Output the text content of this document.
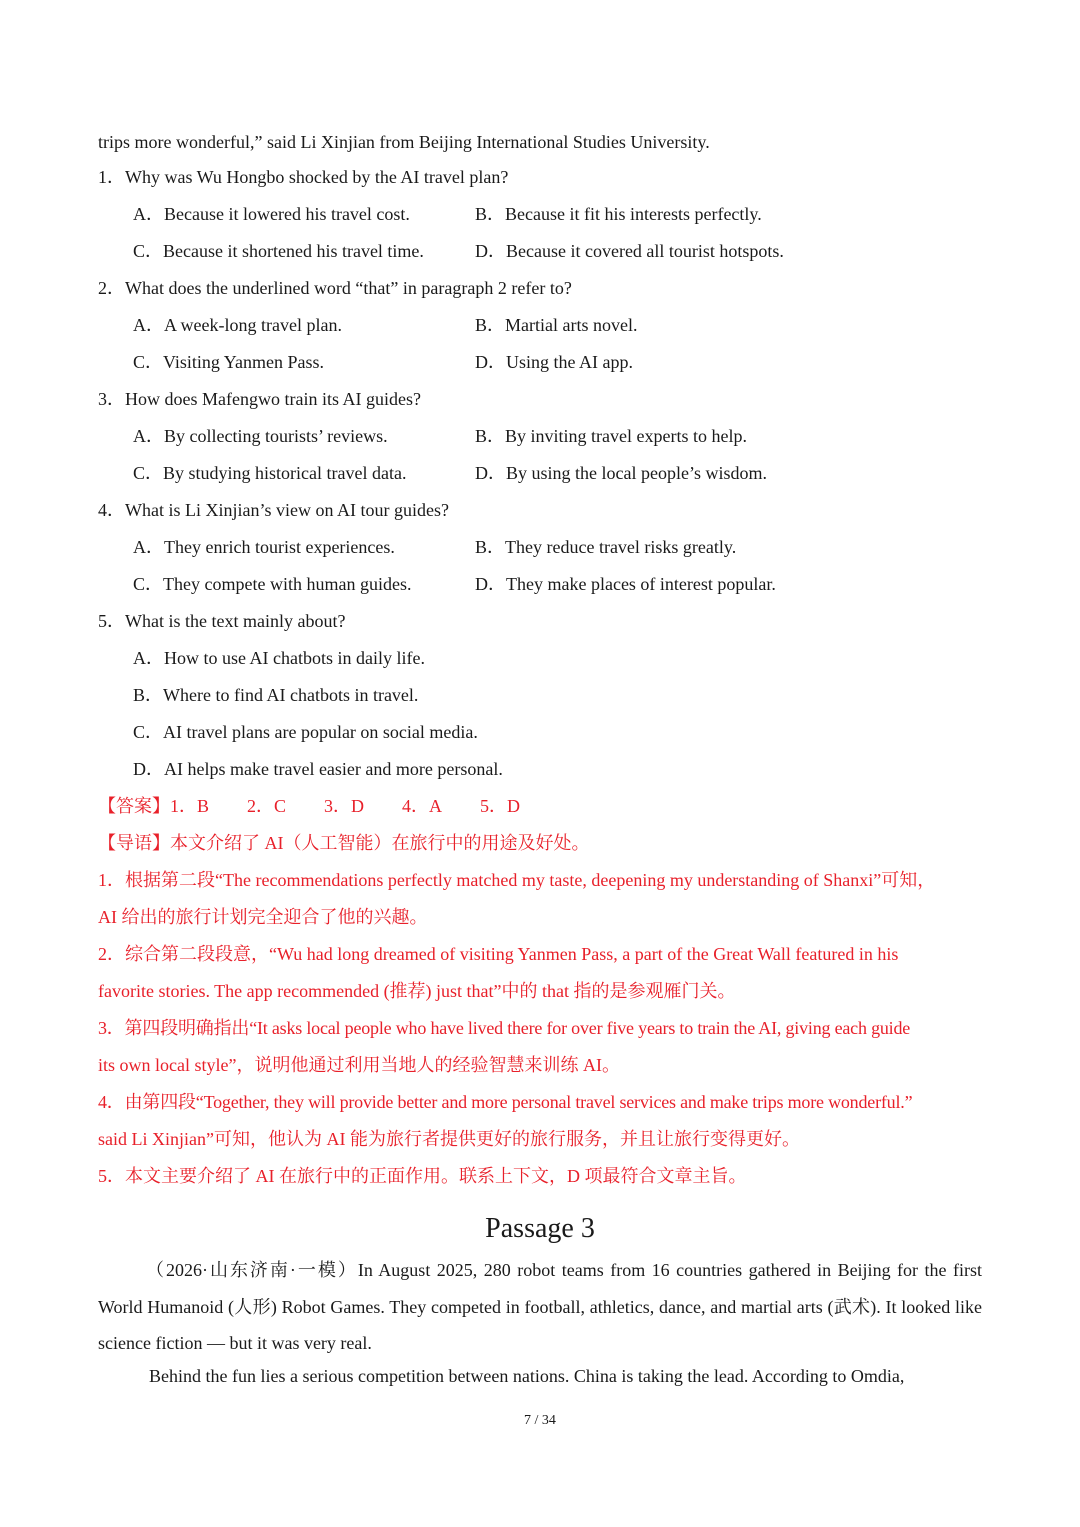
trips more wonderful,” said Li Xinjian from Beijing International Studies University.
1．Why was Wu Hongbo shocked by the AI travel plan?
A．Because it lowered his travel cost.	B．Because it fit his interests perfectly.
C．Because it shortened his travel time.	D．Because it covered all tourist hotspots.
2．What does the underlined word “that” in paragraph 2 refer to?
A．A week-long travel plan.	B．Martial arts novel.
C．Visiting Yanmen Pass.	D．Using the AI app.
3．How does Mafengwo train its AI guides?
A．By collecting tourists’ reviews.	B．By inviting travel experts to help.
C．By studying historical travel data.	D．By using the local people’s wisdom.
4．What is Li Xinjian’s view on AI tour guides?
A．They enrich tourist experiences.	B．They reduce travel risks greatly.
C．They compete with human guides.	D．They make places of interest popular.
5．What is the text mainly about?
A．How to use AI chatbots in daily life.
B．Where to find AI chatbots in travel.
C．AI travel plans are popular on social media.
D．AI helps make travel easier and more personal.
【答案】1．B 2．C 3．D 4．A 5．D
【导语】本文介绍了 AI（人工智能）在旅行中的用途及好处。
1．根据第二段“The recommendations perfectly matched my taste, deepening my understanding of Shanxi”可知，
AI 给出的旅行计划完全迎合了他的兴趣。
2．综合第二段段意，“Wu had long dreamed of visiting Yanmen Pass, a part of the Great Wall featured in his
favorite stories. The app recommended (推荐) just that”中的 that 指的是参观雁门关。
3．第四段明确指出“It asks local people who have lived there for over five years to train the AI, giving each guide
its own local style”，说明他通过利用当地人的经验智慧来训练 AI。
4．由第四段“Together, they will provide better and more personal travel services and make trips more wonderful.”
said Li Xinjian”可知，他认为 AI 能为旅行者提供更好的旅行服务，并且让旅行变得更好。
5．本文主要介绍了 AI 在旅行中的正面作用。联系上下文，D 项最符合文章主旨。
Passage 3
（2026·山东济南·一模）In August 2025, 280 robot teams from 16 countries gathered in Beijing for the first World Humanoid (人形) Robot Games. They competed in football, athletics, dance, and martial arts (武术). It looked like science fiction — but it was very real.
Behind the fun lies a serious competition between nations. China is taking the lead. According to Omdia,
7 / 34
